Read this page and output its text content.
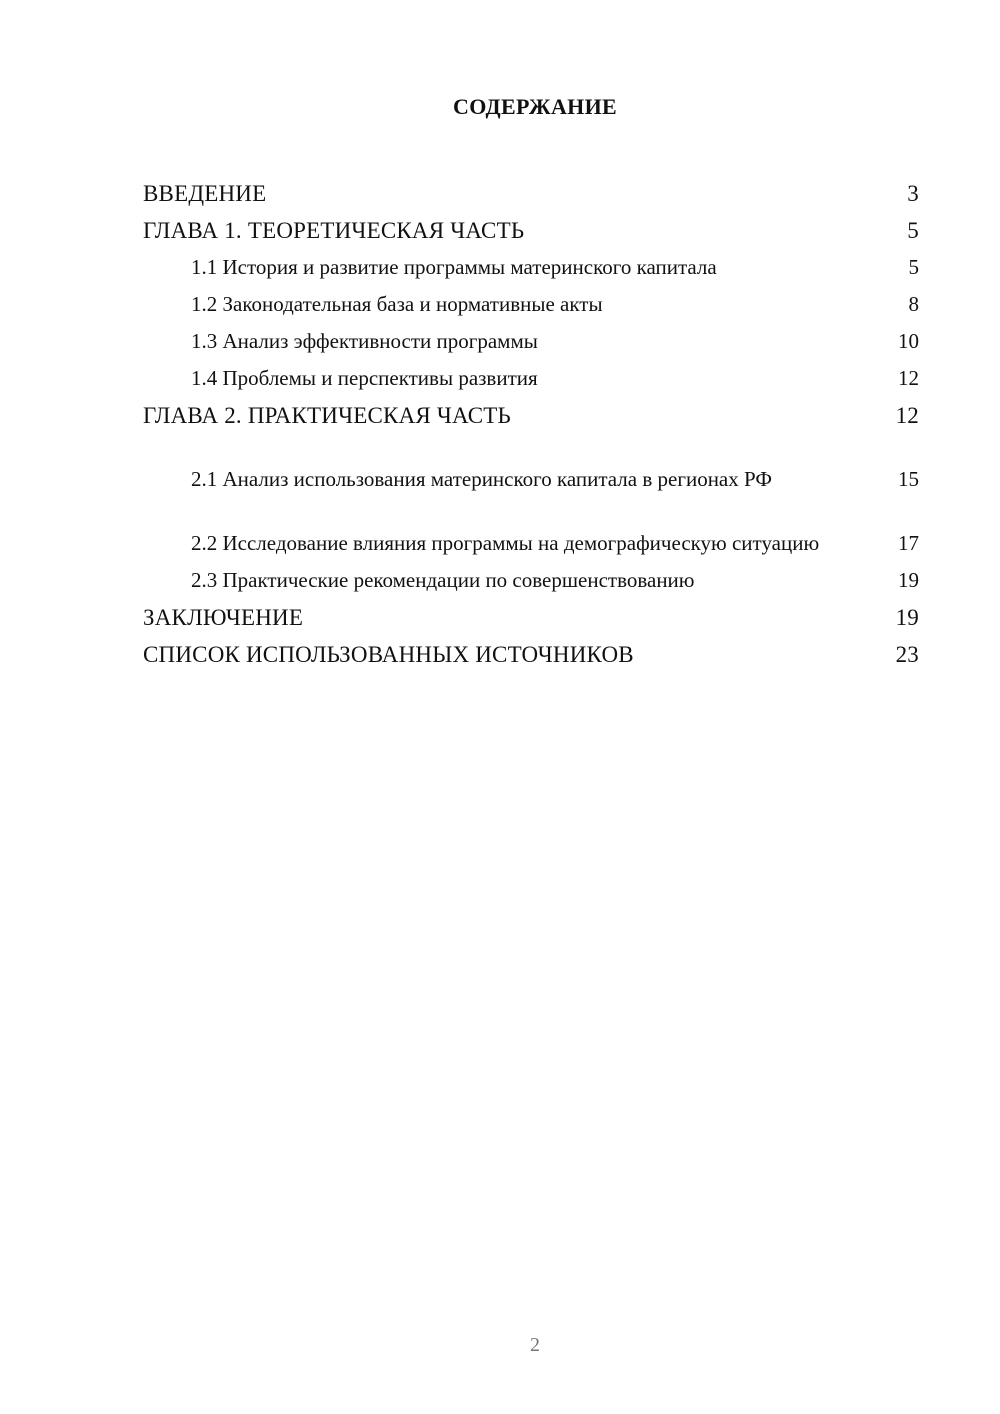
СОДЕРЖАНИЕ
ВВЕДЕНИЕ	3
ГЛАВА 1. ТЕОРЕТИЧЕСКАЯ ЧАСТЬ	5
1.1 История и развитие программы материнского капитала	5
1.2 Законодательная база и нормативные акты	8
1.3 Анализ эффективности программы	10
1.4 Проблемы и перспективы развития	12
ГЛАВА 2. ПРАКТИЧЕСКАЯ ЧАСТЬ	12
2.1 Анализ использования материнского капитала в регионах РФ	15
2.2 Исследование влияния программы на демографическую ситуацию	17
2.3 Практические рекомендации по совершенствованию	19
ЗАКЛЮЧЕНИЕ	19
СПИСОК ИСПОЛЬЗОВАННЫХ ИСТОЧНИКОВ	23
2
